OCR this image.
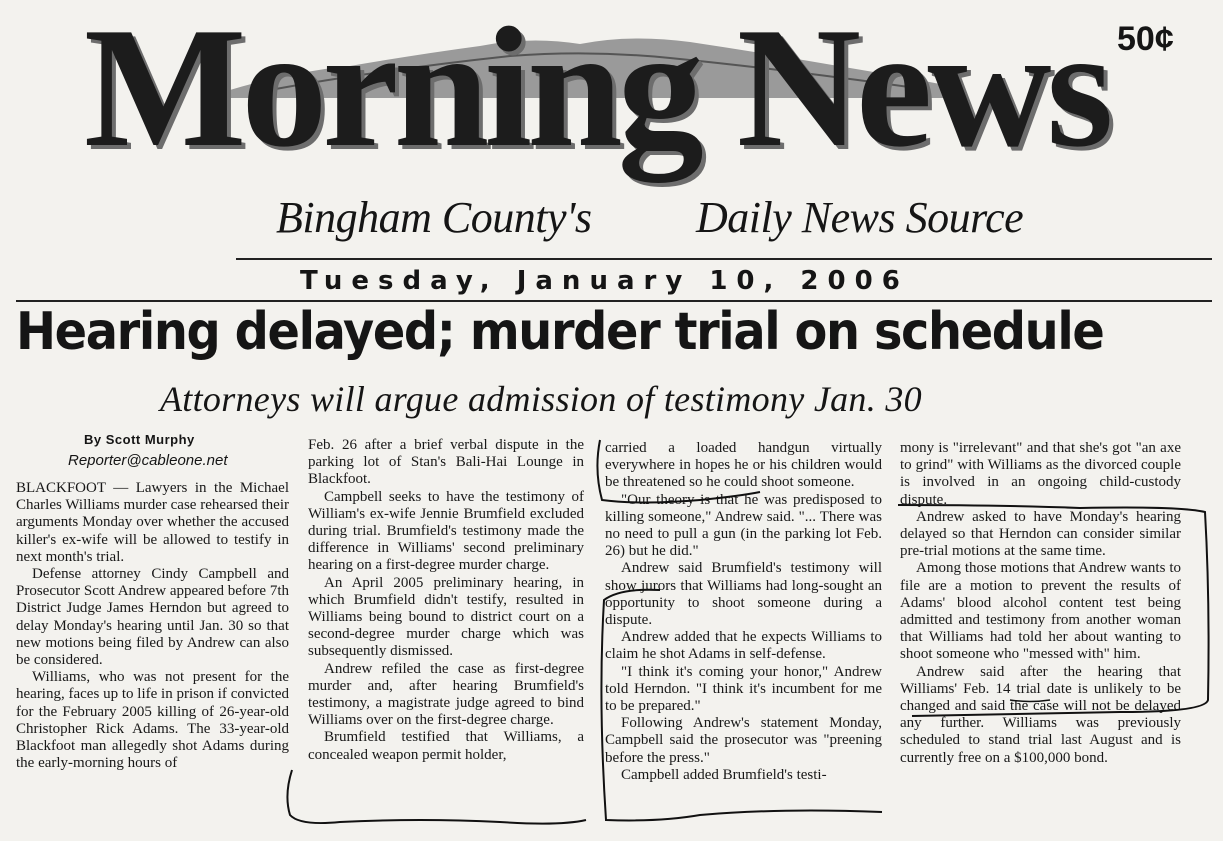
Morning News 50¢
Bingham County's Daily News Source
Tuesday, January 10, 2006
Hearing delayed; murder trial on schedule
Attorneys will argue admission of testimony Jan. 30
By Scott Murphy
Reporter@cableone.net

BLACKFOOT — Lawyers in the Michael Charles Williams murder case rehearsed their arguments Monday over whether the accused killer's ex-wife will be allowed to testify in next month's trial.

Defense attorney Cindy Campbell and Prosecutor Scott Andrew appeared before 7th District Judge James Herndon but agreed to delay Monday's hearing until Jan. 30 so that new motions being filed by Andrew can also be considered.

Williams, who was not present for the hearing, faces up to life in prison if convicted for the February 2005 killing of 26-year-old Christopher Rick Adams. The 33-year-old Blackfoot man allegedly shot Adams during the early-morning hours of

Feb. 26 after a brief verbal dispute in the parking lot of Stan's Bali-Hai Lounge in Blackfoot.

Campbell seeks to have the testimony of William's ex-wife Jennie Brumfield excluded during trial. Brumfield's testimony made the difference in Williams' second preliminary hearing on a first-degree murder charge.

An April 2005 preliminary hearing, in which Brumfield didn't testify, resulted in Williams being bound to district court on a second-degree murder charge which was subsequently dismissed.

Andrew refiled the case as first-degree murder and, after hearing Brumfield's testimony, a magistrate judge agreed to bind Williams over on the first-degree charge.

Brumfield testified that Williams, a concealed weapon permit holder,

carried a loaded handgun virtually everywhere in hopes he or his children would be threatened so he could shoot someone.

"Our theory is that he was predisposed to killing someone," Andrew said. "... There was no need to pull a gun (in the parking lot Feb. 26) but he did."

Andrew said Brumfield's testimony will show jurors that Williams had long-sought an opportunity to shoot someone during a dispute.

Andrew added that he expects Williams to claim he shot Adams in self-defense.

"I think it's coming your honor," Andrew told Herndon. "I think it's incumbent for me to be prepared."

Following Andrew's statement Monday, Campbell said the prosecutor was "preening before the press."

Campbell added Brumfield's testi-

mony is "irrelevant" and that she's got "an axe to grind" with Williams as the divorced couple is involved in an ongoing child-custody dispute.

Andrew asked to have Monday's hearing delayed so that Herndon can consider similar pre-trial motions at the same time.

Among those motions that Andrew wants to file are a motion to prevent the results of Adams' blood alcohol content test being admitted and testimony from another woman that Williams had told her about wanting to shoot someone who "messed with" him.

Andrew said after the hearing that Williams' Feb. 14 trial date is unlikely to be changed and said the case will not be delayed any further. Williams was previously scheduled to stand trial last August and is currently free on a $100,000 bond.
